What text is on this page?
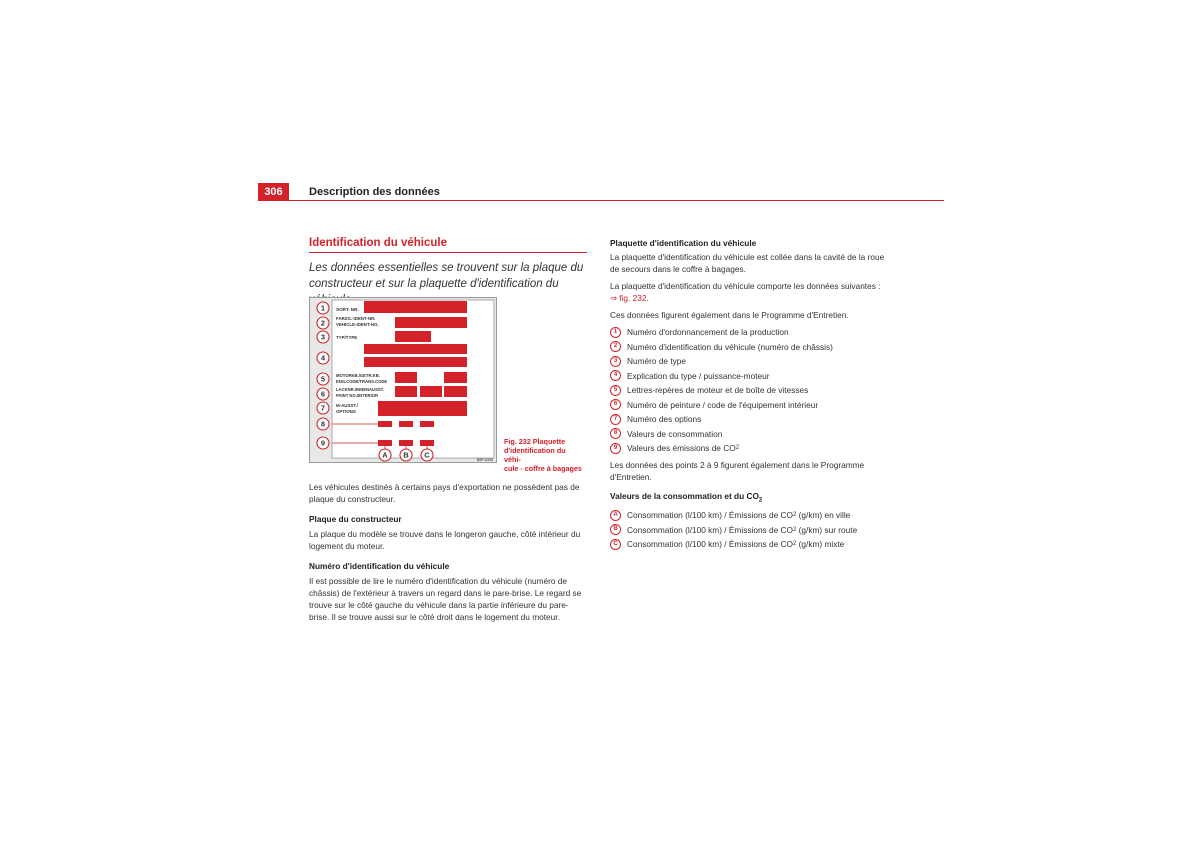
306	Description des données
Identification du véhicule
Les données essentielles se trouvent sur la plaque du constructeur et sur la plaquette d'identification du
SORT. NR.
FARZG.-IDENT-NR.
VEHICLE-IDENT-NO.
TYP/TYPE
MOTORKB./GETR.KB.
ENG.CODE/TRANS.CODE
LACKNR./INNENAUSST.
PAINT NO./INTERIOR
M-AUSST./
OPTIONS
1
2
3
4
5
6
7
8
9
A B C
B5P-0335
Fig. 232 Plaquette
d'identification du véhi-
cule - coffre à bagages

Les véhicules destinés à certains pays d'exportation ne possèdent pas de plaque du constructeur.

Plaque du constructeur

La plaque du modèle se trouve dans le longeron gauche, côté intérieur du logement du moteur.

Numéro d'identification du véhicule

Il est possible de lire le numéro d'identification du véhicule (numéro de châssis) de l'extérieur à travers un regard dans le pare-brise. Le regard se trouve sur le côté gauche du véhicule dans la partie inférieure du pare-brise. Il se trouve aussi sur le côté droit dans le logement du moteur.

Plaquette d'identification du véhicule

La plaquette d'identification du véhicule est collée dans la cavité de la roue de secours dans le coffre à bagages.

La plaquette d'identification du véhicule comporte les données suivantes :
⇒ fig. 232.

Ces données figurent également dans le Programme d'Entretien.

1	Numéro d'ordonnancement de la production
2	Numéro d'identification du véhicule (numéro de châssis)
3	Numéro de type
4	Explication du type / puissance-moteur
5	Lettres-repères de moteur et de boîte de vitesses
6	Numéro de peinture / code de l'équipement intérieur
7	Numéro des options
8	Valeurs de consommation
9	Valeurs des émissions de CO 2

Les données des points 2 à 9 figurent également dans le Programme d'Entretien.

Valeurs de la consommation et du $CO_2$
A	Consommation (l/100 km) / Émissions de CO 2 (g/km) en ville
B	Consommation (l/100 km) / Émissions de CO 2 (g/km) sur route
C	Consommation (l/100 km) / Émissions de CO 2 (g/km) mixte
